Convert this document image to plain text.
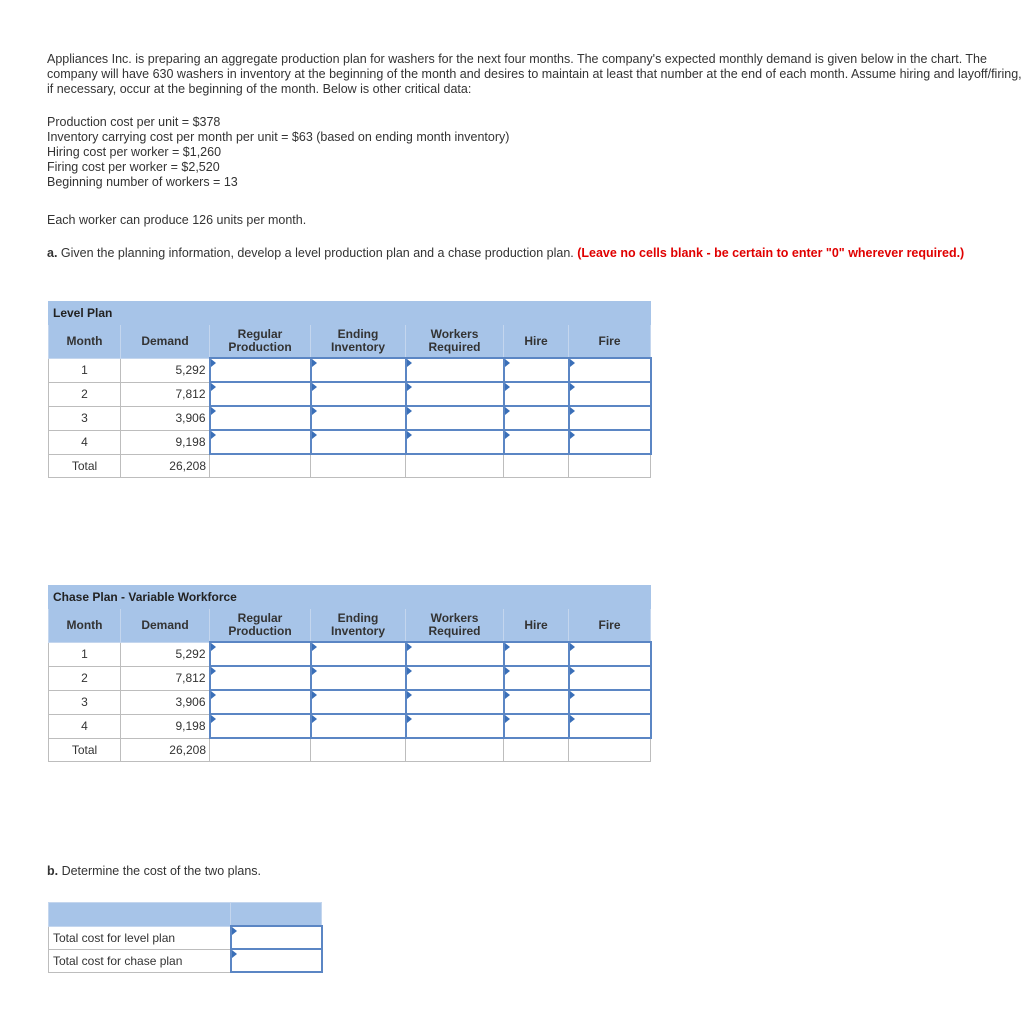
Appliances Inc. is preparing an aggregate production plan for washers for the next four months. The company's expected monthly demand is given below in the chart. The company will have 630 washers in inventory at the beginning of the month and desires to maintain at least that number at the end of each month. Assume hiring and layoff/firing, if necessary, occur at the beginning of the month. Below is other critical data:

Production cost per unit = $378
Inventory carrying cost per month per unit = $63 (based on ending month inventory)
Hiring cost per worker = $1,260
Firing cost per worker = $2,520
Beginning number of workers = 13

Each worker can produce 126 units per month.

a. Given the planning information, develop a level production plan and a chase production plan. (Leave no cells blank - be certain to enter "0" wherever required.)

Level Plan						
Month	Demand	Regular Production	Ending Inventory	Workers Required	Hire	Fire
1	5,292					
2	7,812					
3	3,906					
4	9,198					
Total	26,208					
Chase Plan - Variable Workforce						
Month	Demand	Regular Production	Ending Inventory	Workers Required	Hire	Fire
1	5,292					
2	7,812					
3	3,906					
4	9,198					
Total	26,208					

b. Determine the cost of the two plans.

Total cost for level plan	
Total cost for chase plan	
